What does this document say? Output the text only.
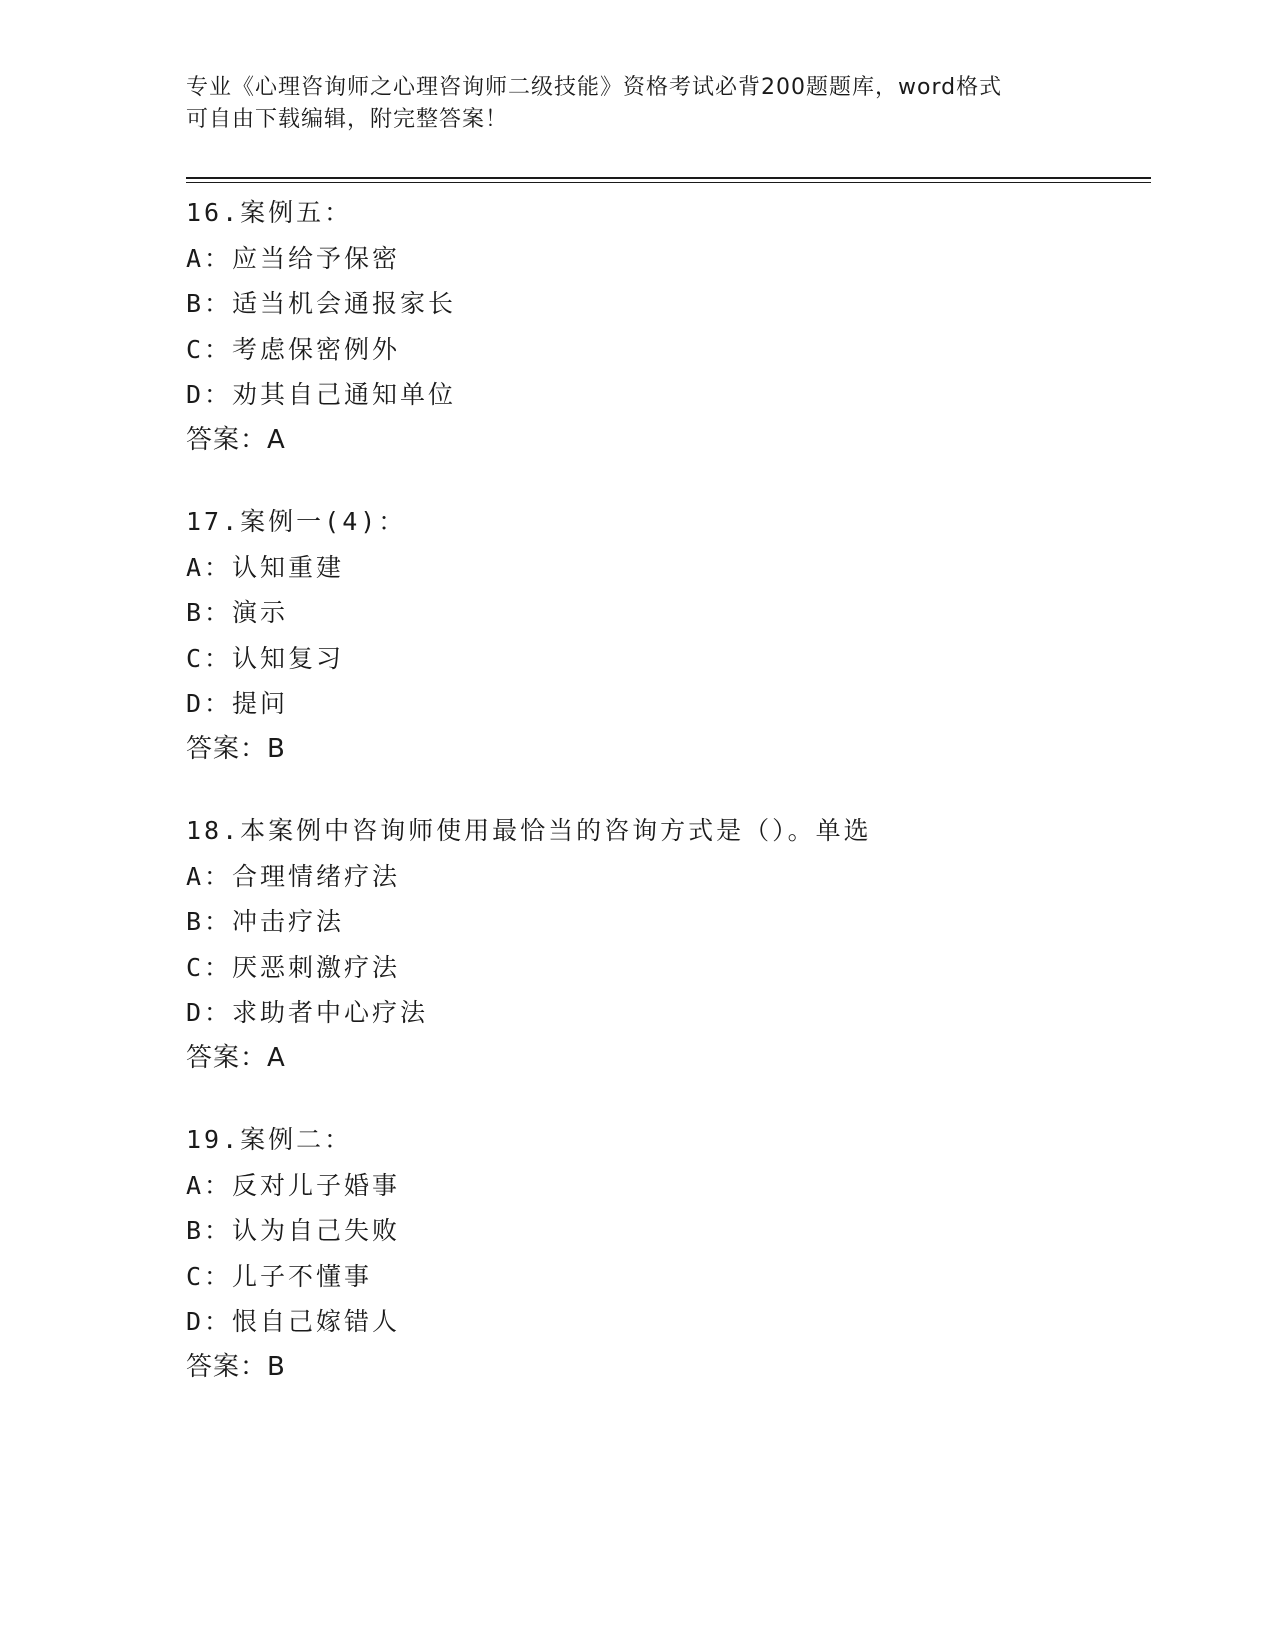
专业《心理咨询师之心理咨询师二级技能》资格考试必背200题题库，word格式
可自由下载编辑，附完整答案！
16.案例五：
A：应当给予保密
B：适当机会通报家长
C：考虑保密例外
D：劝其自己通知单位
答案：A
17.案例一(4)：
A：认知重建
B：演示
C：认知复习
D：提问
答案：B
18.本案例中咨询师使用最恰当的咨询方式是（）。单选
A：合理情绪疗法
B：冲击疗法
C：厌恶刺激疗法
D：求助者中心疗法
答案：A
19.案例二：
A：反对儿子婚事
B：认为自己失败
C：儿子不懂事
D：恨自己嫁错人
答案：B
